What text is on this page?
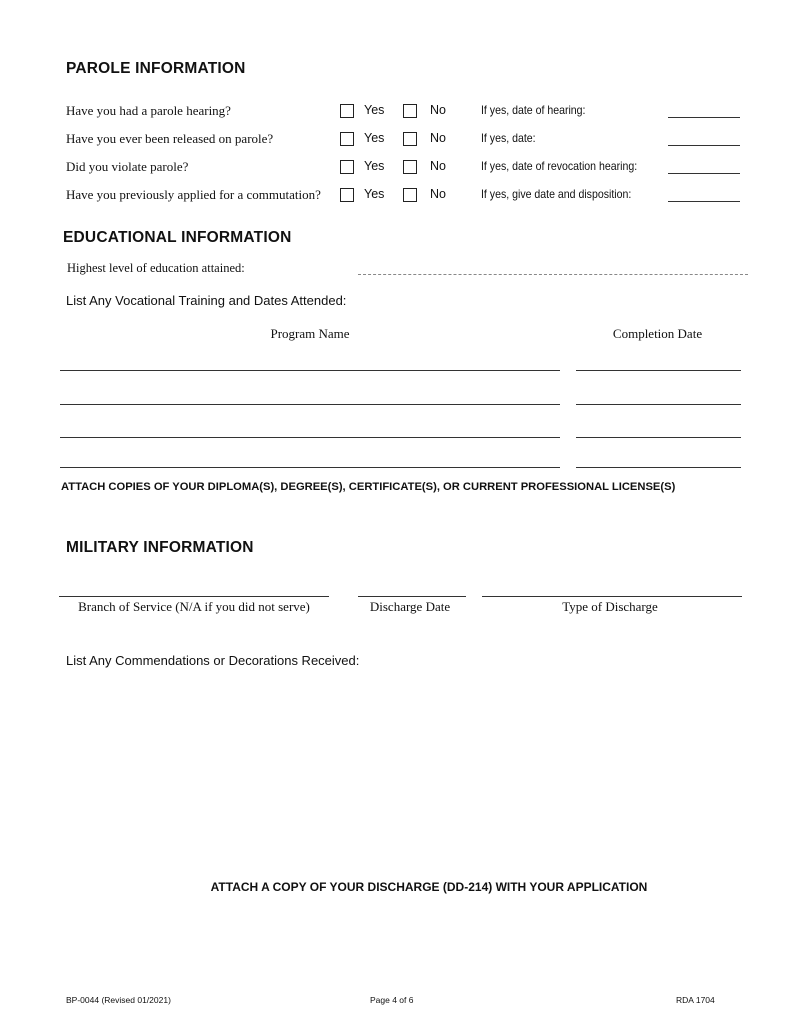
PAROLE INFORMATION
Have you had a parole hearing?	Yes	No	If yes, date of hearing:
Have you ever been released on parole?	Yes	No	If yes, date:
Did you violate parole?	Yes	No	If yes, date of revocation hearing:
Have you previously applied for a commutation?	Yes	No	If yes, give date and disposition:
EDUCATIONAL INFORMATION
Highest level of education attained:
List Any Vocational Training and Dates Attended:
Program Name	Completion Date
ATTACH COPIES OF YOUR DIPLOMA(S), DEGREE(S), CERTIFICATE(S), OR CURRENT PROFESSIONAL LICENSE(S)
MILITARY INFORMATION
Branch of Service (N/A if you did not serve)	Discharge Date	Type of Discharge
List Any Commendations or Decorations Received:
ATTACH A COPY OF YOUR DISCHARGE (DD-214) WITH YOUR APPLICATION
BP-0044 (Revised 01/2021)	Page 4 of 6	RDA 1704
